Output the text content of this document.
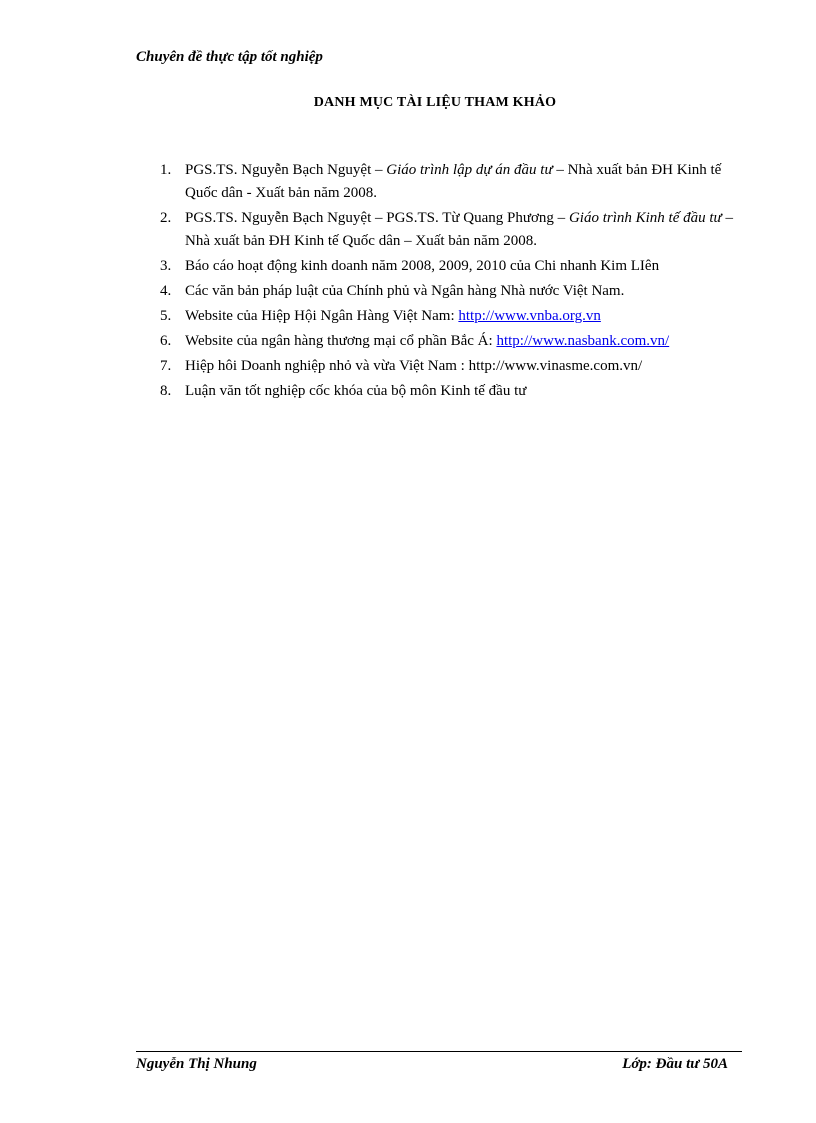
Chuyên đề thực tập tốt nghiệp
DANH MỤC TÀI LIỆU THAM KHẢO
1. PGS.TS. Nguyễn Bạch Nguyệt – Giáo trình lập dự án đầu tư – Nhà xuất bản ĐH Kinh tế Quốc dân - Xuất bản năm 2008.
2. PGS.TS. Nguyễn Bạch Nguyệt – PGS.TS. Từ Quang Phương – Giáo trình Kinh tế đầu tư – Nhà xuất bản ĐH Kinh tế Quốc dân – Xuất bản năm 2008.
3. Báo cáo hoạt động kinh doanh năm 2008, 2009, 2010 của Chi nhanh Kim LIên
4. Các văn bản pháp luật của Chính phủ và Ngân hàng Nhà nước Việt Nam.
5. Website của Hiệp Hội Ngân Hàng Việt Nam: http://www.vnba.org.vn
6. Website của ngân hàng thương mại cổ phần Bắc Á: http://www.nasbank.com.vn/
7. Hiệp hôi Doanh nghiệp nhỏ và vừa Việt Nam : http://www.vinasme.com.vn/
8. Luận văn tốt nghiệp cốc khóa của bộ môn Kinh tế đầu tư
Nguyễn Thị Nhung	Lớp: Đầu tư 50A
